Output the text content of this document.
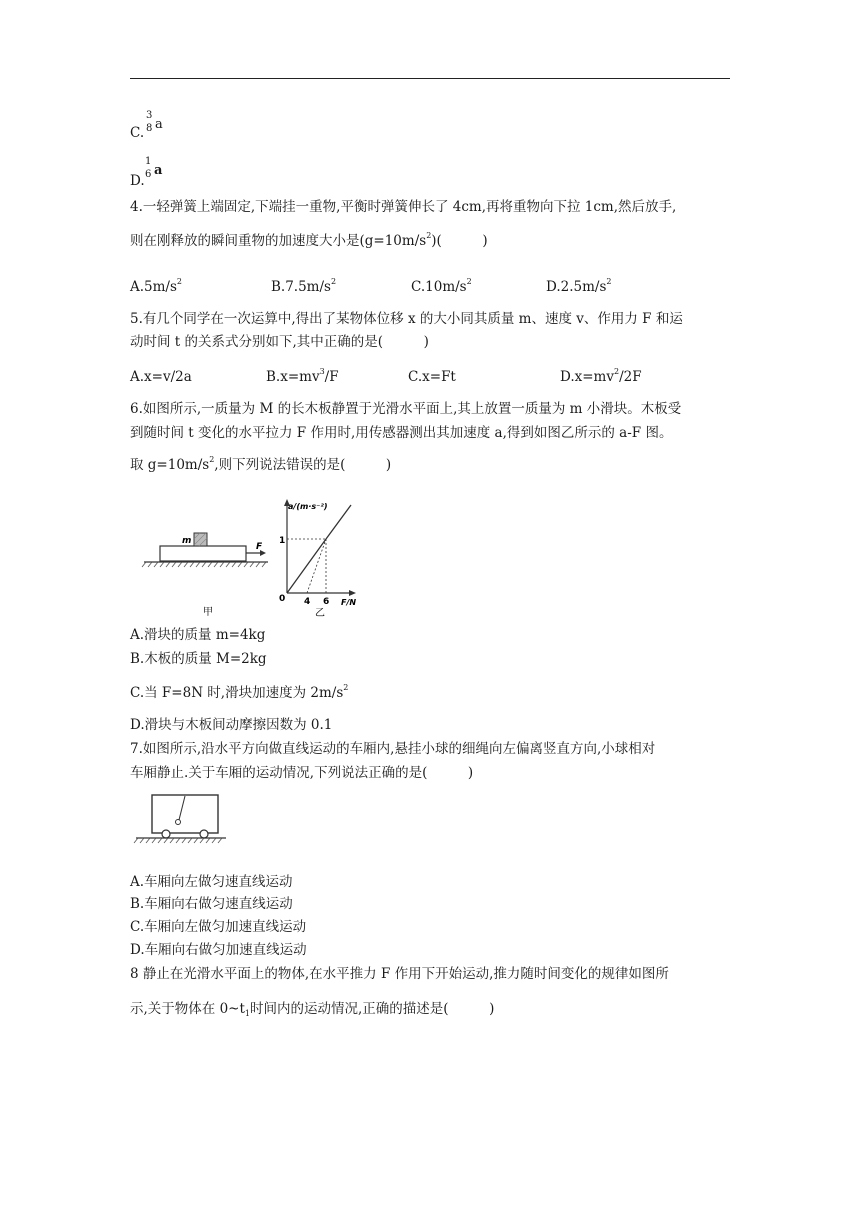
C.
3
8 a
D.
1
6 a
4.一轻弹簧上端固定,下端挂一重物,平衡时弹簧伸长了 4cm,再将重物向下拉 1cm,然后放手,
则在刚释放的瞬间重物的加速度大小是$(g=10m/s^2)$(　　　)
$A.5m/s^2$	$B.7.5m/s^2$	$C.10m/s^2$	$D.2.5m/s^2$
5.有几个同学在一次运算中,得出了某物体位移 x 的大小同其质量 m、速度 v、作用力 F 和运
动时间 t 的关系式分别如下,其中正确的是(　　　)
A.x=v/2a	$B.x=mv^3/F$	C.x=Ft	$D.x=mv^2/2F$
6.如图所示,一质量为 M 的长木板静置于光滑水平面上,其上放置一质量为 m 小滑块。木板受
到随时间 t 变化的水平拉力 F 作用时,用传感器测出其加速度 a,得到如图乙所示的 a-F 图。
取 $g=10m/s^2$,则下列说法错误的是(　　　)
m
F
甲
a/(m·s⁻²)
F/N
0
1
4 6
乙
A.滑块的质量 m=4kg
B.木板的质量 M=2kg
C.当 F=8N 时,滑块加速度为 $2m/s^2$
D.滑块与木板间动摩擦因数为 0.1
7.如图所示,沿水平方向做直线运动的车厢内,悬挂小球的细绳向左偏离竖直方向,小球相对
车厢静止.关于车厢的运动情况,下列说法正确的是(　　　)
A.车厢向左做匀速直线运动
B.车厢向右做匀速直线运动
C.车厢向左做匀加速直线运动
D.车厢向右做匀加速直线运动
8 静止在光滑水平面上的物体,在水平推力 F 作用下开始运动,推力随时间变化的规律如图所
示,关于物体在 $0\sim t_1$时间内的运动情况,正确的描述是(　　　)
